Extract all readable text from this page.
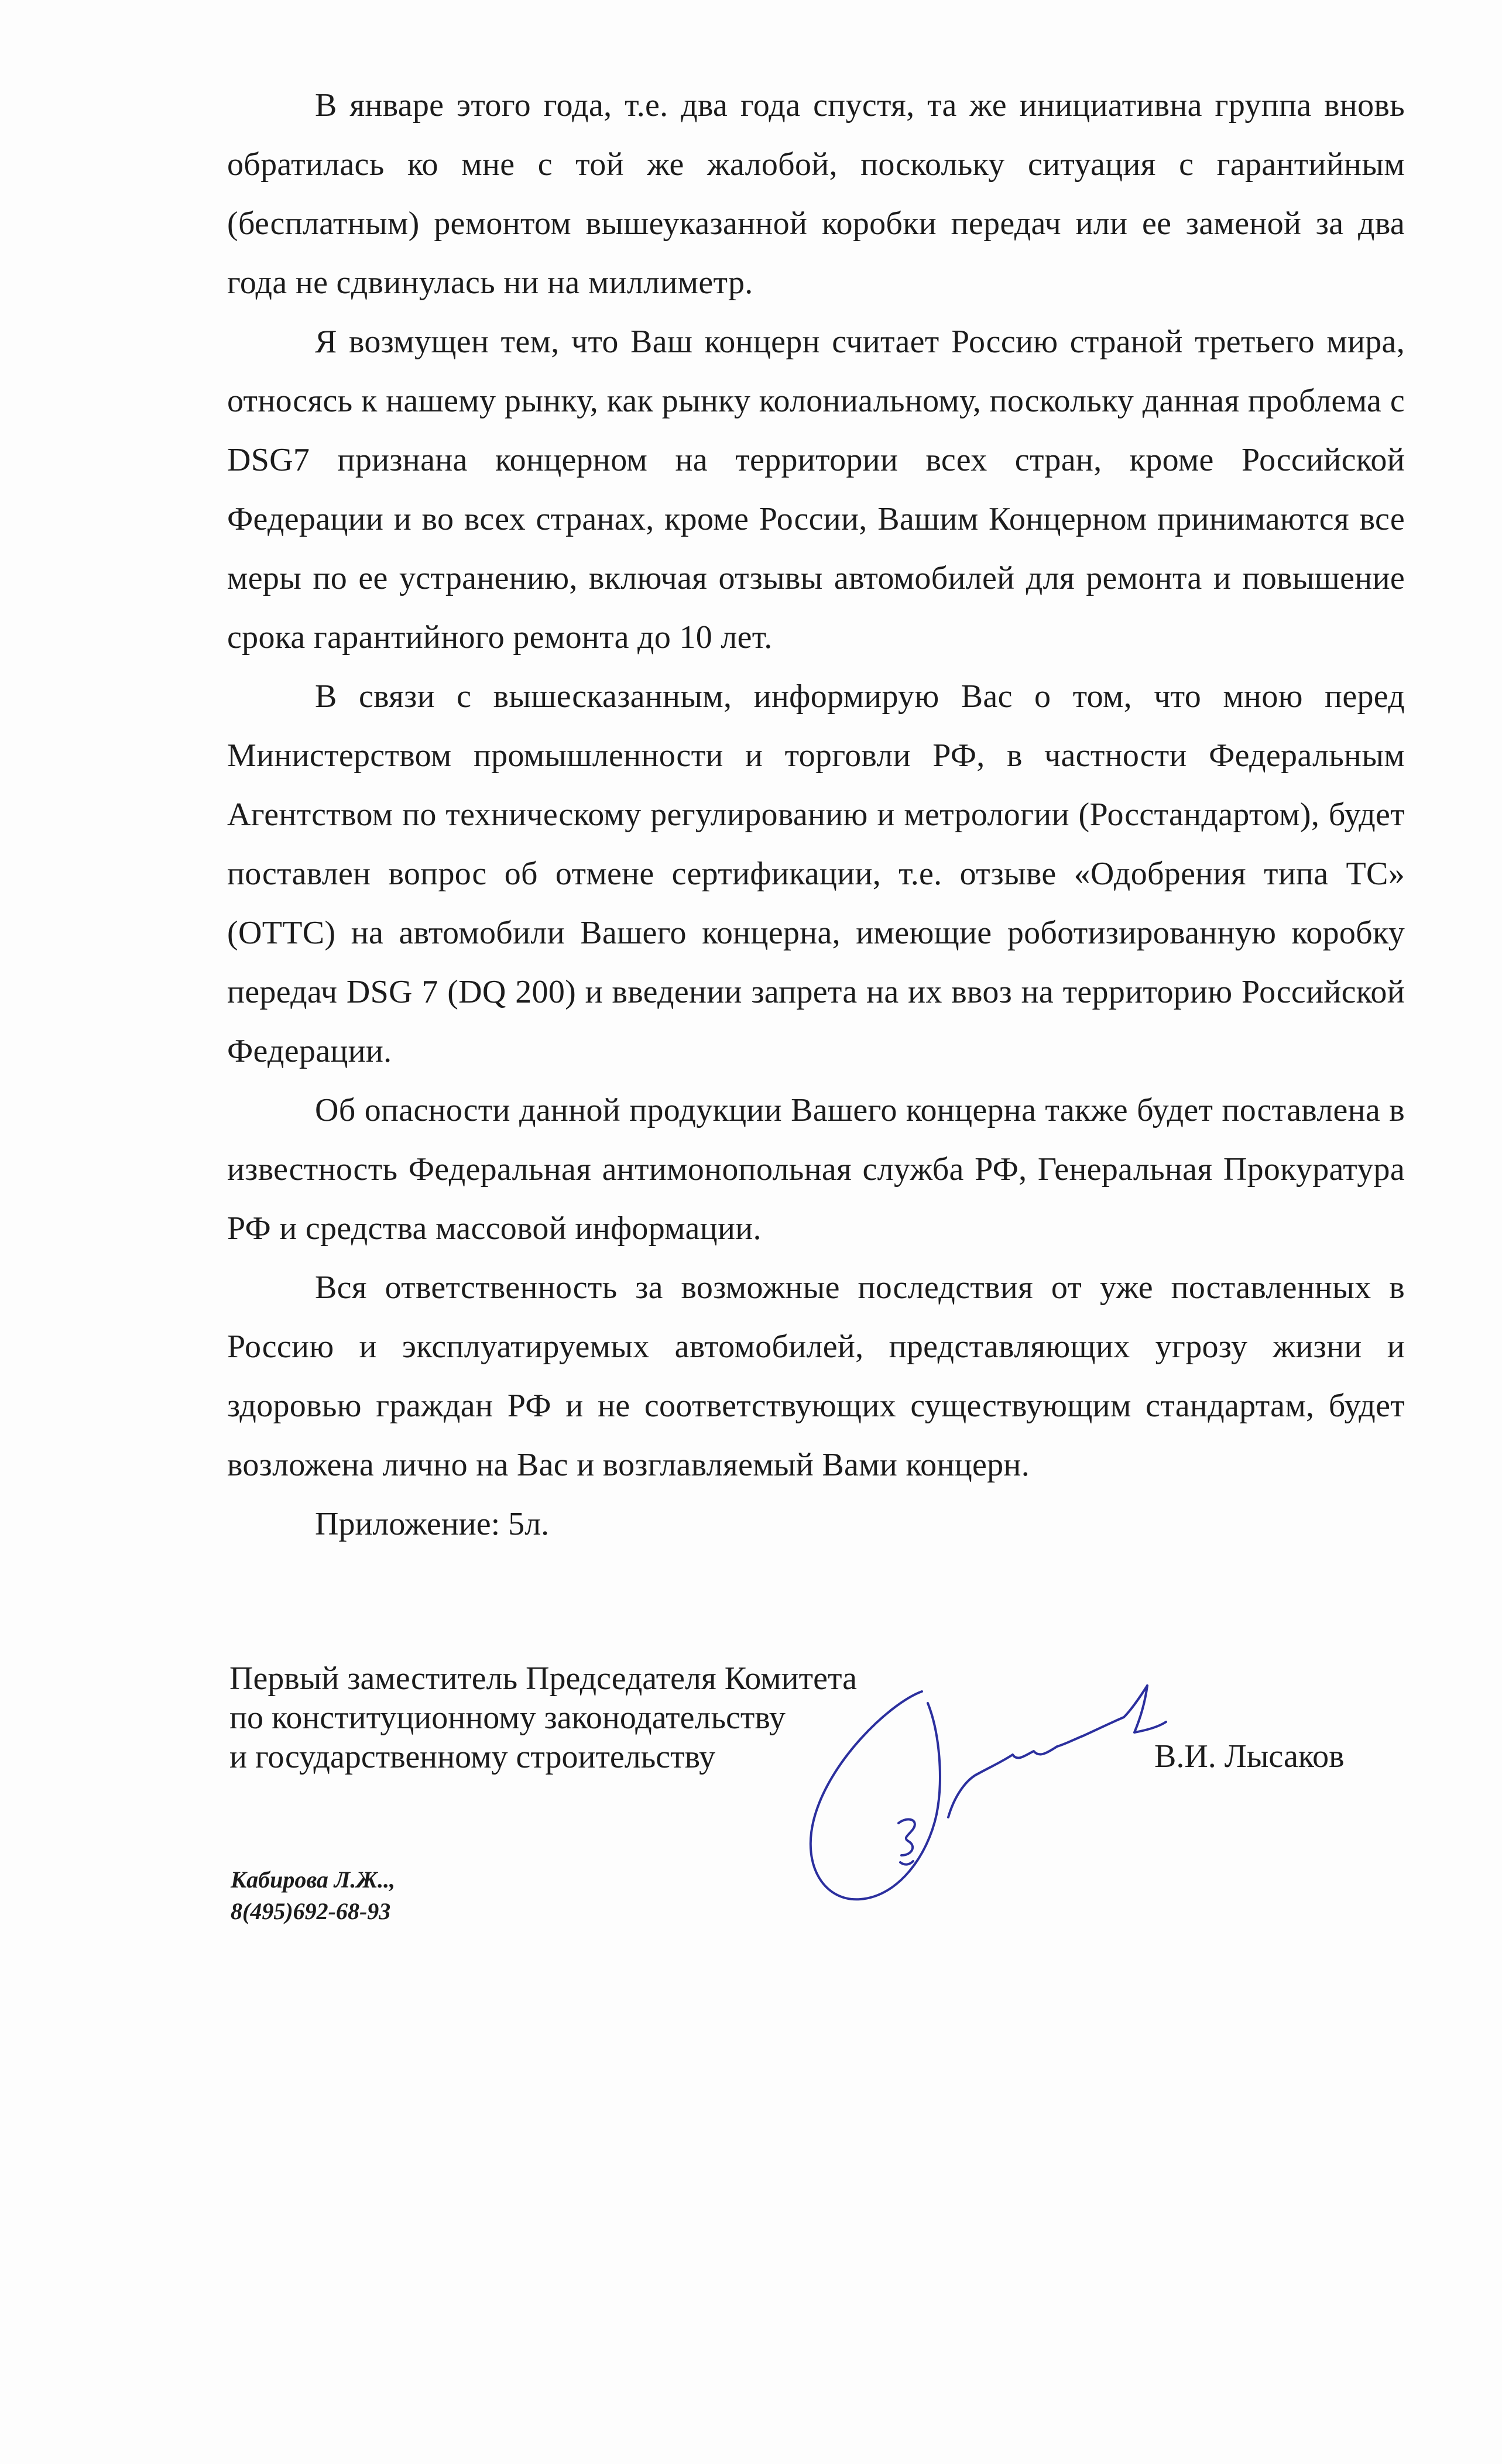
В январе этого года, т.е. два года спустя, та же инициативна группа вновь обратилась ко мне с той же жалобой, поскольку ситуация с гарантийным (бесплатным) ремонтом вышеуказанной коробки передач или ее заменой за два года не сдвинулась ни на миллиметр.

Я возмущен тем, что Ваш концерн считает Россию страной третьего мира, относясь к нашему рынку, как рынку колониальному, поскольку данная проблема с DSG7 признана концерном на территории всех стран, кроме Российской Федерации и во всех странах, кроме России, Вашим Концерном принимаются все меры по ее устранению, включая отзывы автомобилей для ремонта и повышение срока гарантийного ремонта до 10 лет.

В связи с вышесказанным, информирую Вас о том, что мною перед Министерством промышленности и торговли РФ, в частности Федеральным Агентством по техническому регулированию и метрологии (Росстандартом), будет поставлен вопрос об отмене сертификации, т.е. отзыве «Одобрения типа ТС» (ОТТС) на автомобили Вашего концерна, имеющие роботизированную коробку передач DSG 7 (DQ 200) и введении запрета на их ввоз на территорию Российской Федерации.

Об опасности данной продукции Вашего концерна также будет поставлена в известность Федеральная антимонопольная служба РФ, Генеральная Прокуратура РФ и средства массовой информации.

Вся ответственность за возможные последствия от уже поставленных в Россию и эксплуатируемых автомобилей, представляющих угрозу жизни и здоровью граждан РФ и не соответствующих существующим стандартам, будет возложена лично на Вас и возглавляемый Вами концерн.

Приложение: 5л.

Первый заместитель Председателя Комитета
по конституционному законодательству
и государственному строительству	В.И. Лысаков
Кабирова Л.Ж..,
8(495)692-68-93
